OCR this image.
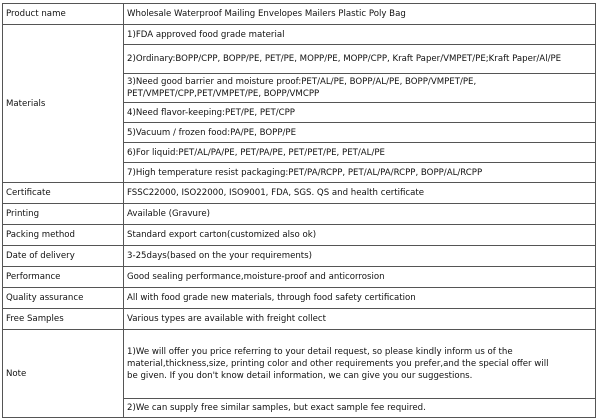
Product name	Wholesale Waterproof Mailing Envelopes Mailers Plastic Poly Bag
Materials	1)FDA approved food grade material
	2)Ordinary:BOPP/CPP, BOPP/PE, PET/PE, MOPP/PE, MOPP/CPP, Kraft Paper/VMPET/PE;Kraft Paper/Al/PE
	3)Need good barrier and moisture proof:PET/AL/PE, BOPP/AL/PE, BOPP/VMPET/PE, PET/VMPET/CPP,PET/VMPET/PE, BOPP/VMCPP
	4)Need flavor-keeping:PET/PE, PET/CPP
	5)Vacuum / frozen food:PA/PE, BOPP/PE
	6)For liquid:PET/AL/PA/PE, PET/PA/PE, PET/PET/PE, PET/AL/PE
	7)High temperature resist packaging:PET/PA/RCPP, PET/AL/PA/RCPP, BOPP/AL/RCPP
Certificate	FSSC22000, ISO22000, ISO9001, FDA, SGS. QS and health certificate
Printing	Available (Gravure)
Packing method	Standard export carton(customized also ok)
Date of delivery	3-25days(based on the your requirements)
Performance	Good sealing performance,moisture-proof and anticorrosion
Quality assurance	All with food grade new materials, through food safety certification
Free Samples	Various types are available with freight collect
Note	1)We will offer you price referring to your detail request, so please kindly inform us of the
material,thickness,size, printing color and other requirements you prefer,and the special offer will
be given. If you don't know detail information, we can give you our suggestions.

	2)We can supply free similar samples, but exact sample fee required.
